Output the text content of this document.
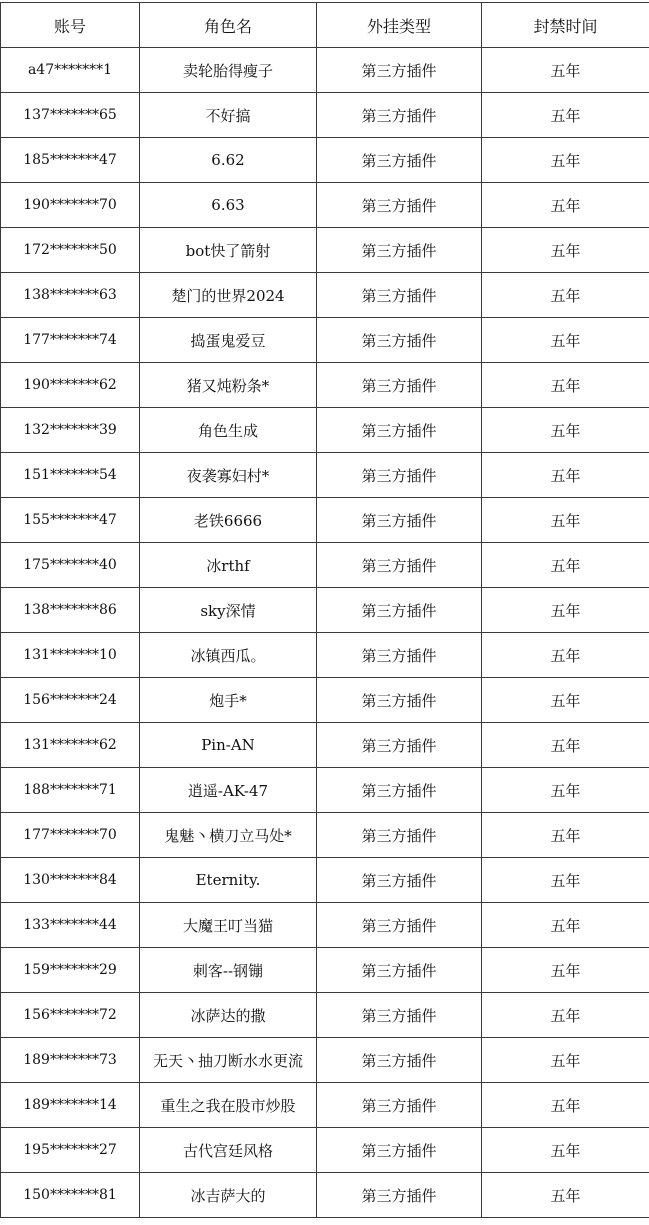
账号	角色名	外挂类型	封禁时间
a47*******1	卖轮胎得瘦子	第三方插件	五年
137*******65	不好搞	第三方插件	五年
185*******47	6.62	第三方插件	五年
190*******70	6.63	第三方插件	五年
172*******50	bot快了箭射	第三方插件	五年
138*******63	楚门的世界2024	第三方插件	五年
177*******74	捣蛋鬼爱豆	第三方插件	五年
190*******62	猪又炖粉条*	第三方插件	五年
132*******39	角色生成	第三方插件	五年
151*******54	夜袭寡妇村*	第三方插件	五年
155*******47	老铁6666	第三方插件	五年
175*******40	冰rthf	第三方插件	五年
138*******86	sky深情	第三方插件	五年
131*******10	冰镇西瓜。	第三方插件	五年
156*******24	炮手*	第三方插件	五年
131*******62	Pin-AN	第三方插件	五年
188*******71	逍遥-AK-47	第三方插件	五年
177*******70	鬼魅丶横刀立马处*	第三方插件	五年
130*******84	Eternity.	第三方插件	五年
133*******44	大魔王叮当猫	第三方插件	五年
159*******29	刺客--钢镚	第三方插件	五年
156*******72	冰萨达的撒	第三方插件	五年
189*******73	无天丶抽刀断水水更流	第三方插件	五年
189*******14	重生之我在股市炒股	第三方插件	五年
195*******27	古代宫廷风格	第三方插件	五年
150*******81	冰吉萨大的	第三方插件	五年
